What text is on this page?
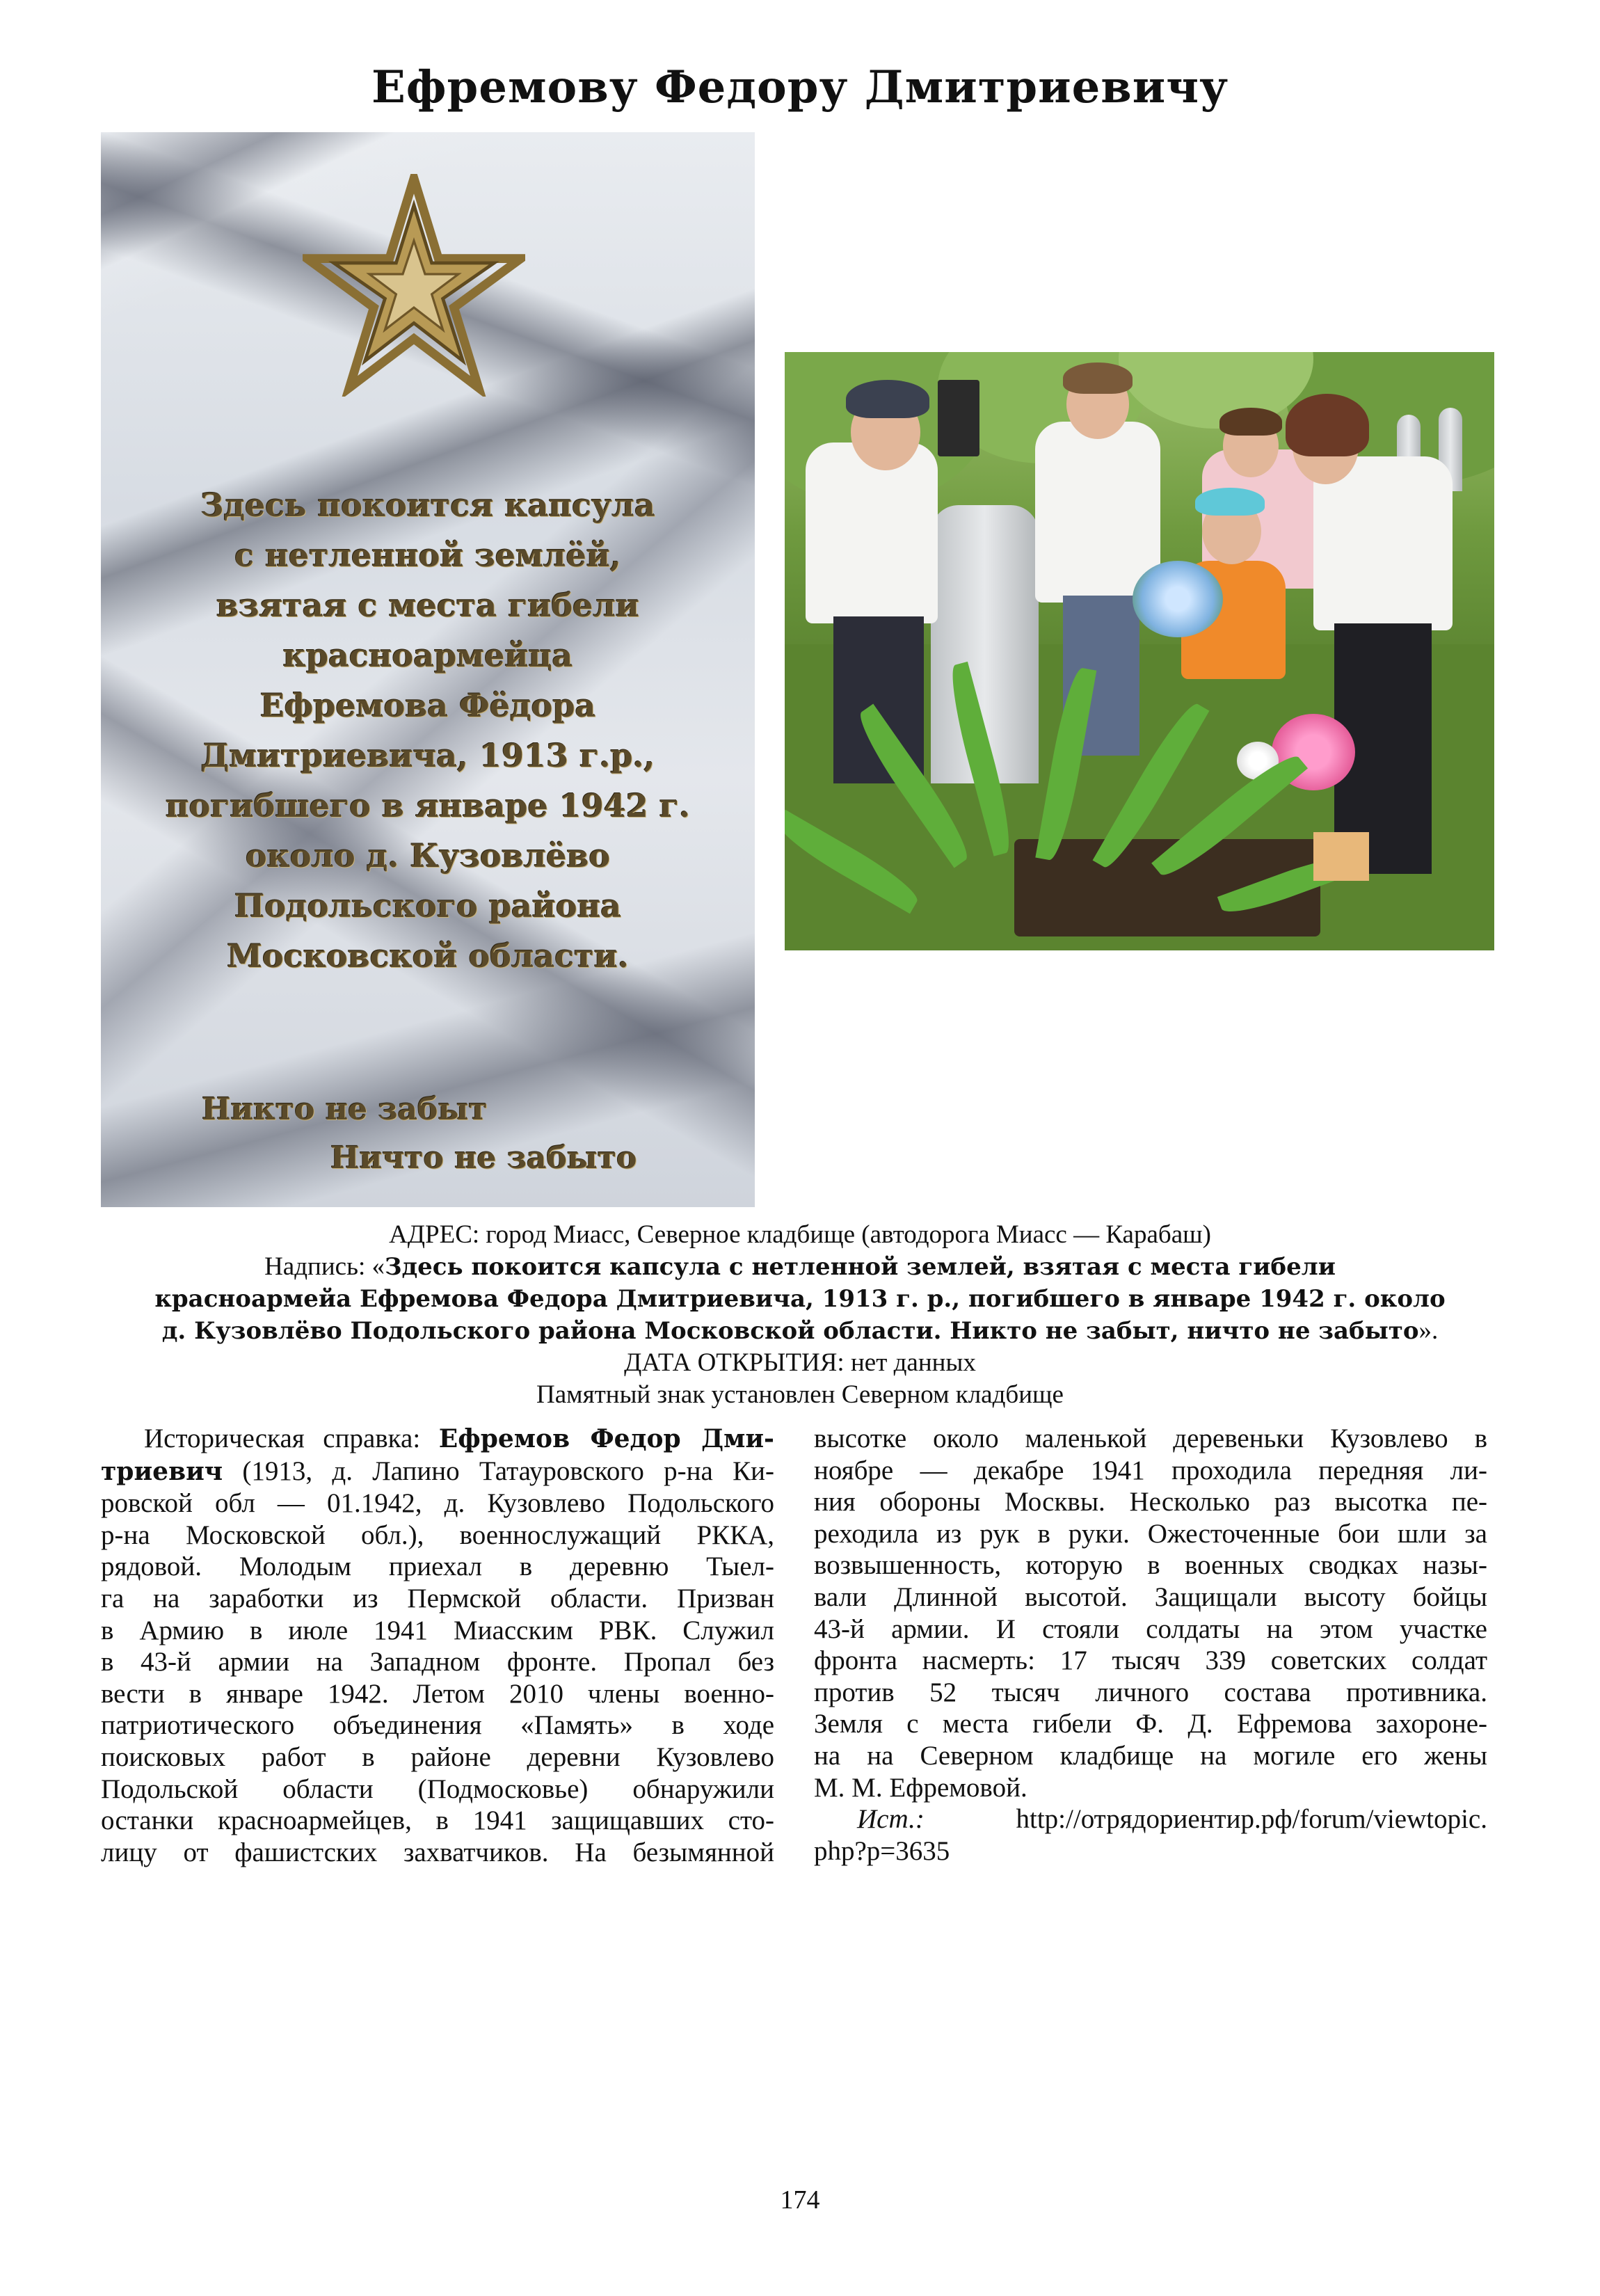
Ефремову Федору Дмитриевичу
Здесь покоится капсула
с нетленной землёй,
взятая с места гибели
красноармейца
Ефремова Фёдора
Дмитриевича, 1913 г.р.,
погибшего в январе 1942 г.
около д. Кузовлёво
Подольского района
Московской области.
Никто не забыт
Ничто не забыто
АДРЕС: город Миасс, Северное кладбище (автодорога Миасс — Карабаш)
Надпись: «Здесь покоится капсула с нетленной землей, взятая с места гибели
красноармейа Ефремова Федора Дмитриевича, 1913 г. р., погибшего в январе 1942 г. около
д. Кузовлёво Подольского района Московской области. Никто не забыт, ничто не забыто».
ДАТА ОТКРЫТИЯ: нет данных
Памятный знак установлен Северном кладбище
Историческая справка: Ефремов Федор Дми-
триевич (1913, д. Лапино Татауровского р-на Ки-
ровской обл — 01.1942, д. Кузовлево Подольского
р-на Московской обл.), военнослужащий РККА,
рядовой. Молодым приехал в деревню Тыел-
га на заработки из Пермской области. Призван
в Армию в июле 1941 Миасским РВК. Служил
в 43-й армии на Западном фронте. Пропал без
вести в январе 1942. Летом 2010 члены военно-
патриотического объединения «Память» в ходе
поисковых работ в районе деревни Кузовлево
Подольской области (Подмосковье) обнаружили
останки красноармейцев, в 1941 защищавших сто-
лицу от фашистских захватчиков. На безымянной
высотке около маленькой деревеньки Кузовлево в
ноябре — декабре 1941 проходила передняя ли-
ния обороны Москвы. Несколько раз высотка пе-
реходила из рук в руки. Ожесточенные бои шли за
возвышенность, которую в военных сводках назы-
вали Длинной высотой. Защищали высоту бойцы
43-й армии. И стояли солдаты на этом участке
фронта насмерть: 17 тысяч 339 советских солдат
против 52 тысяч личного состава противника.
Земля с места гибели Ф. Д. Ефремова захороне-
на на Северном кладбище на могиле его жены
М. М. Ефремовой.
Ист.: http://отрядориентир.рф/forum/viewtopic.
php?p=3635
174
